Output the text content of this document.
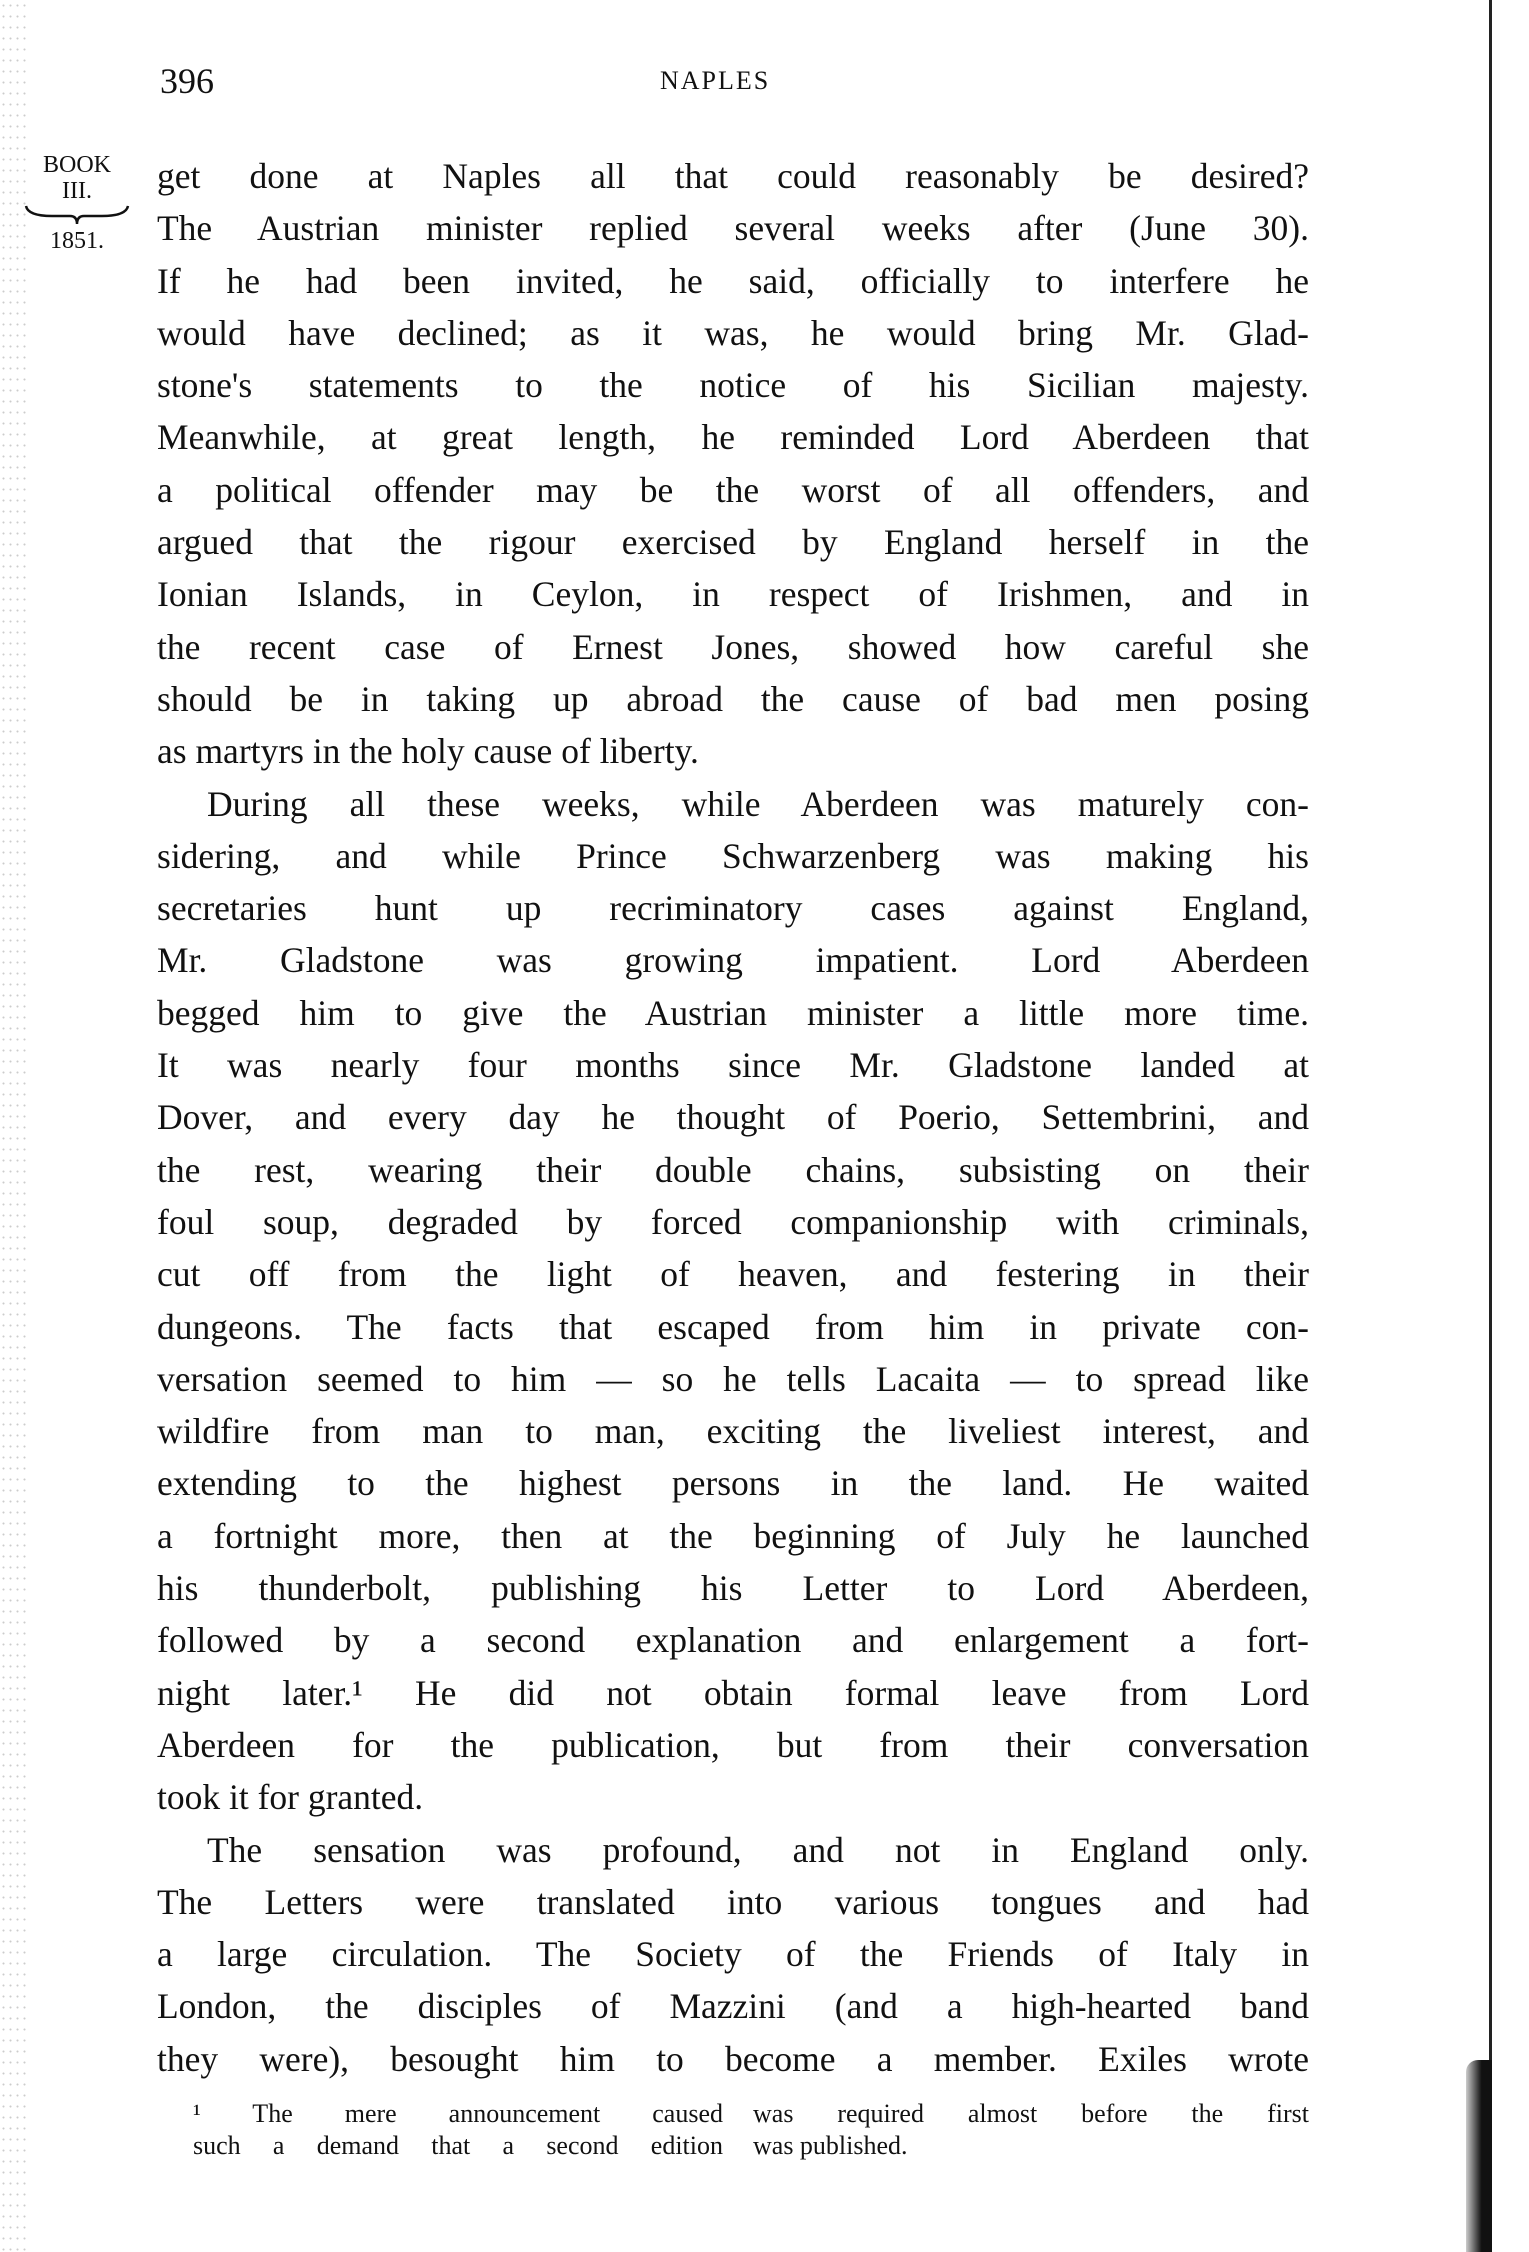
396	NAPLES
BOOK
III.
1851.
get done at Naples all that could reasonably be desired?
The Austrian minister replied several weeks after (June 30).
If he had been invited, he said, officially to interfere he
would have declined; as it was, he would bring Mr. Glad-
stone's statements to the notice of his Sicilian majesty.
Meanwhile, at great length, he reminded Lord Aberdeen that
a political offender may be the worst of all offenders, and
argued that the rigour exercised by England herself in the
Ionian Islands, in Ceylon, in respect of Irishmen, and in
the recent case of Ernest Jones, showed how careful she
should be in taking up abroad the cause of bad men posing
as martyrs in the holy cause of liberty.
During all these weeks, while Aberdeen was maturely con-
sidering, and while Prince Schwarzenberg was making his
secretaries hunt up recriminatory cases against England,
Mr. Gladstone was growing impatient. Lord Aberdeen
begged him to give the Austrian minister a little more time.
It was nearly four months since Mr. Gladstone landed at
Dover, and every day he thought of Poerio, Settembrini, and
the rest, wearing their double chains, subsisting on their
foul soup, degraded by forced companionship with criminals,
cut off from the light of heaven, and festering in their
dungeons. The facts that escaped from him in private con-
versation seemed to him — so he tells Lacaita — to spread like
wildfire from man to man, exciting the liveliest interest, and
extending to the highest persons in the land. He waited
a fortnight more, then at the beginning of July he launched
his thunderbolt, publishing his Letter to Lord Aberdeen,
followed by a second explanation and enlargement a fort-
night later.¹ He did not obtain formal leave from Lord
Aberdeen for the publication, but from their conversation
took it for granted.
The sensation was profound, and not in England only.
The Letters were translated into various tongues and had
a large circulation. The Society of the Friends of Italy in
London, the disciples of Mazzini (and a high-hearted band
they were), besought him to become a member. Exiles wrote
¹ The mere announcement caused
such a demand that a second edition
was required almost before the first
was published.
